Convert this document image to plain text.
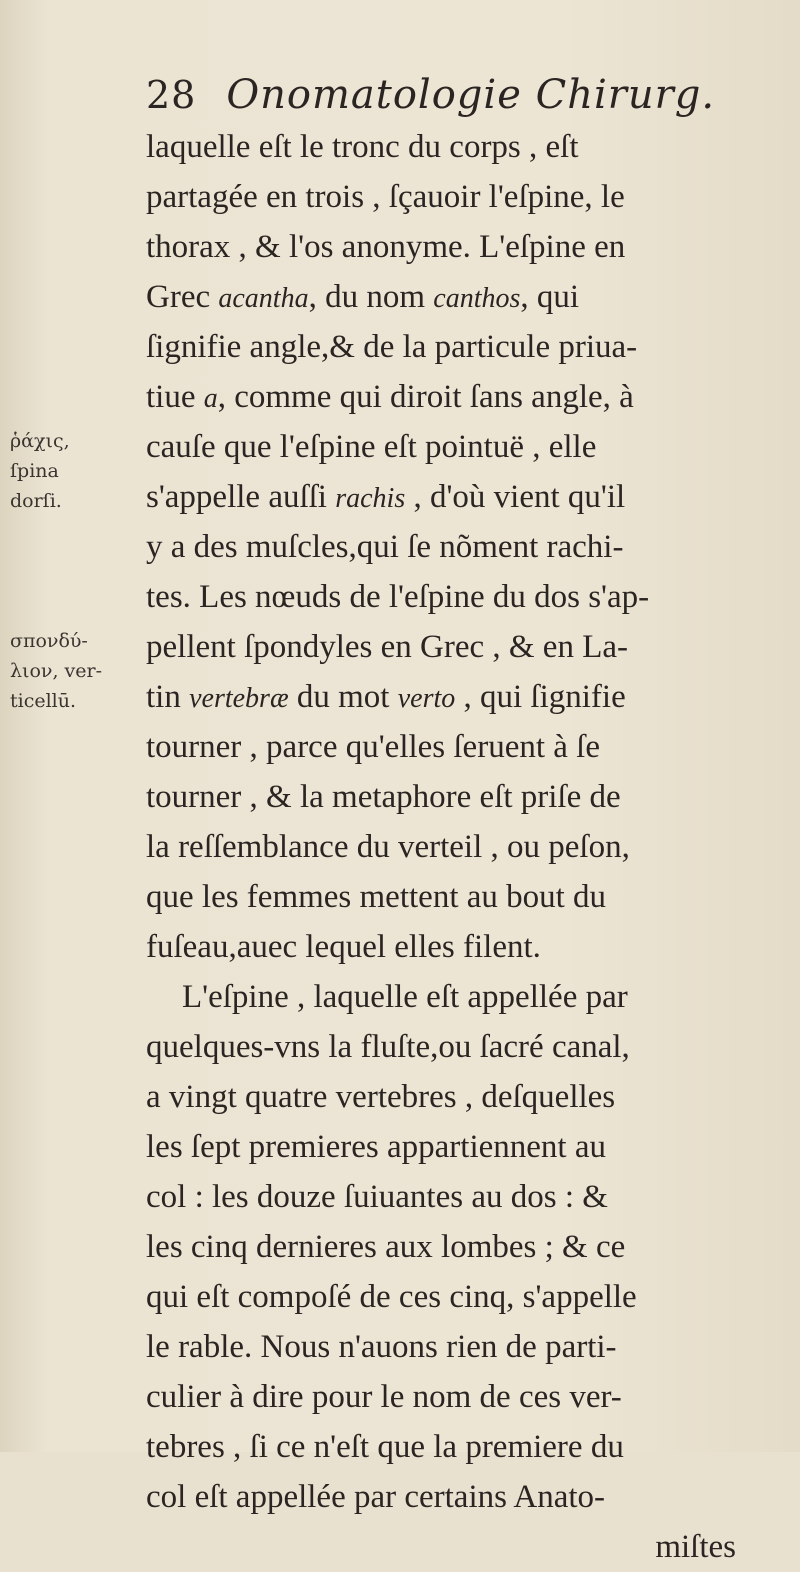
28 Onomatologie Chirurg.
laquelle eſt le tronc du corps , eſt
partagée en trois , ſçauoir l'eſpine, le
thorax , & l'os anonyme. L'eſpine en
Grec acantha, du nom canthos, qui
ſignifie angle,& de la particule priua-
tiue a, comme qui diroit ſans angle, à
cauſe que l'eſpine eſt pointuë , elle
s'appelle auſſi rachis , d'où vient qu'il
y a des muſcles,qui ſe nõment rachi-
tes. Les nœuds de l'eſpine du dos s'ap-
pellent ſpondyles en Grec , & en La-
tin vertebræ du mot verto , qui ſignifie
tourner , parce qu'elles ſeruent à ſe
tourner , & la metaphore eſt priſe de
la reſſemblance du verteil , ou peſon,
que les femmes mettent au bout du
fuſeau,auec lequel elles filent.
L'eſpine , laquelle eſt appellée par
quelques-vns la fluſte,ou ſacré canal,
a vingt quatre vertebres , deſquelles
les ſept premieres appartiennent au
col : les douze ſuiuantes au dos : &
les cinq dernieres aux lombes ; & ce
qui eſt compoſé de ces cinq, s'appelle
le rable. Nous n'auons rien de parti-
culier à dire pour le nom de ces ver-
tebres , ſi ce n'eſt que la premiere du
col eſt appellée par certains Anato-
miſtes
ῥάχις,
ſpina
dorſi.
σπονδύ-
λιον, ver-
ticellū.
